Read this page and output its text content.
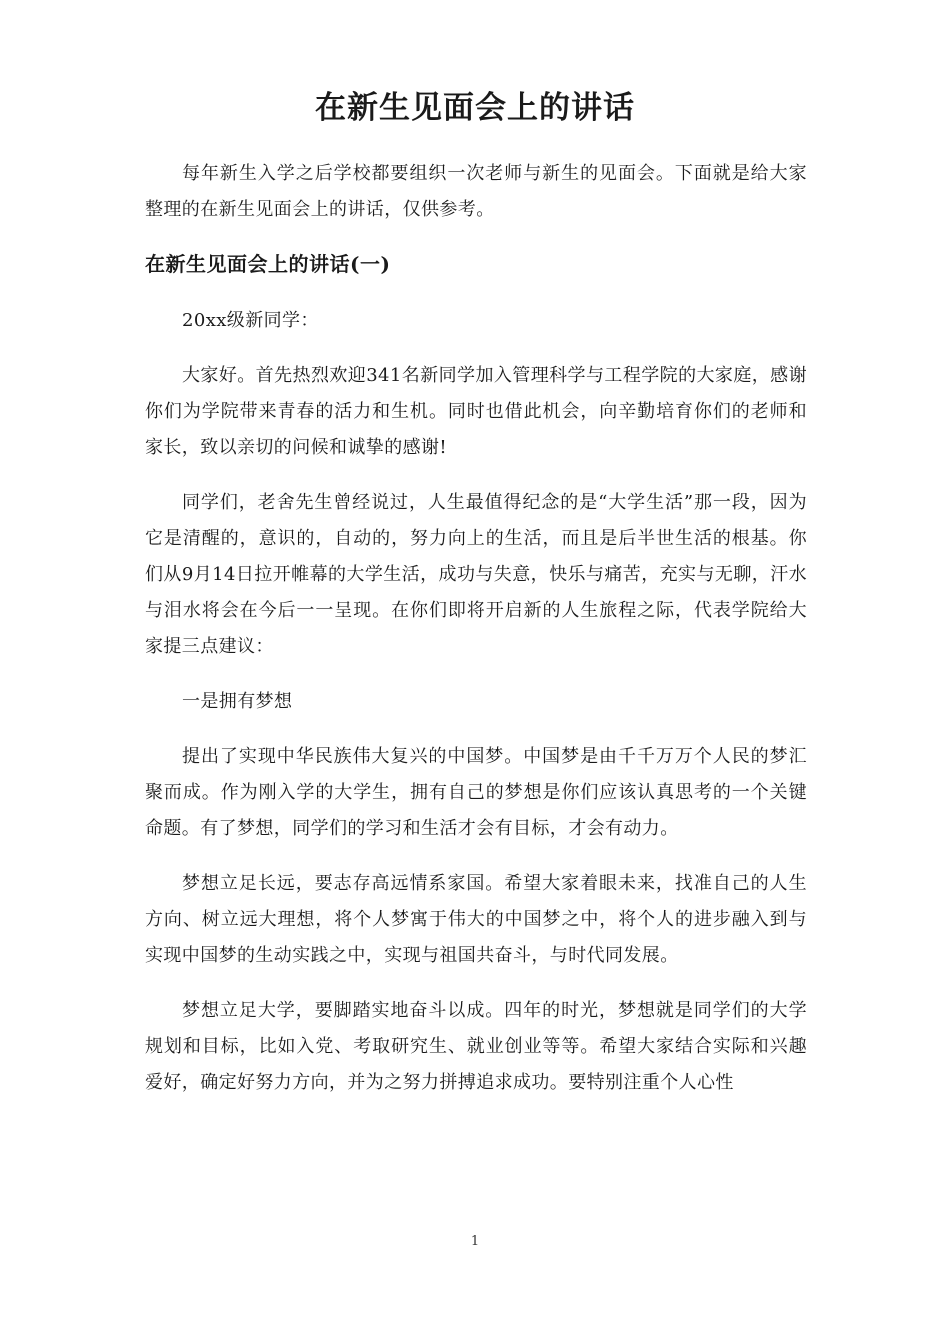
在新生见面会上的讲话

每年新生入学之后学校都要组织一次老师与新生的见面会。下面就是给大家整理的在新生见面会上的讲话，仅供参考。

在新生见面会上的讲话(一)

20xx级新同学：

大家好。首先热烈欢迎341名新同学加入管理科学与工程学院的大家庭，感谢你们为学院带来青春的活力和生机。同时也借此机会，向辛勤培育你们的老师和家长，致以亲切的问候和诚挚的感谢!

同学们，老舍先生曾经说过，人生最值得纪念的是“大学生活”那一段，因为它是清醒的，意识的，自动的，努力向上的生活，而且是后半世生活的根基。你们从9月14日拉开帷幕的大学生活，成功与失意，快乐与痛苦，充实与无聊，汗水与泪水将会在今后一一呈现。在你们即将开启新的人生旅程之际，代表学院给大家提三点建议：

一是拥有梦想

提出了实现中华民族伟大复兴的中国梦。中国梦是由千千万万个人民的梦汇聚而成。作为刚入学的大学生，拥有自己的梦想是你们应该认真思考的一个关键命题。有了梦想，同学们的学习和生活才会有目标，才会有动力。

梦想立足长远，要志存高远情系家国。希望大家着眼未来，找准自己的人生方向、树立远大理想，将个人梦寓于伟大的中国梦之中，将个人的进步融入到与实现中国梦的生动实践之中，实现与祖国共奋斗，与时代同发展。

梦想立足大学，要脚踏实地奋斗以成。四年的时光，梦想就是同学们的大学规划和目标，比如入党、考取研究生、就业创业等等。希望大家结合实际和兴趣爱好，确定好努力方向，并为之努力拼搏追求成功。要特别注重个人心性

1
